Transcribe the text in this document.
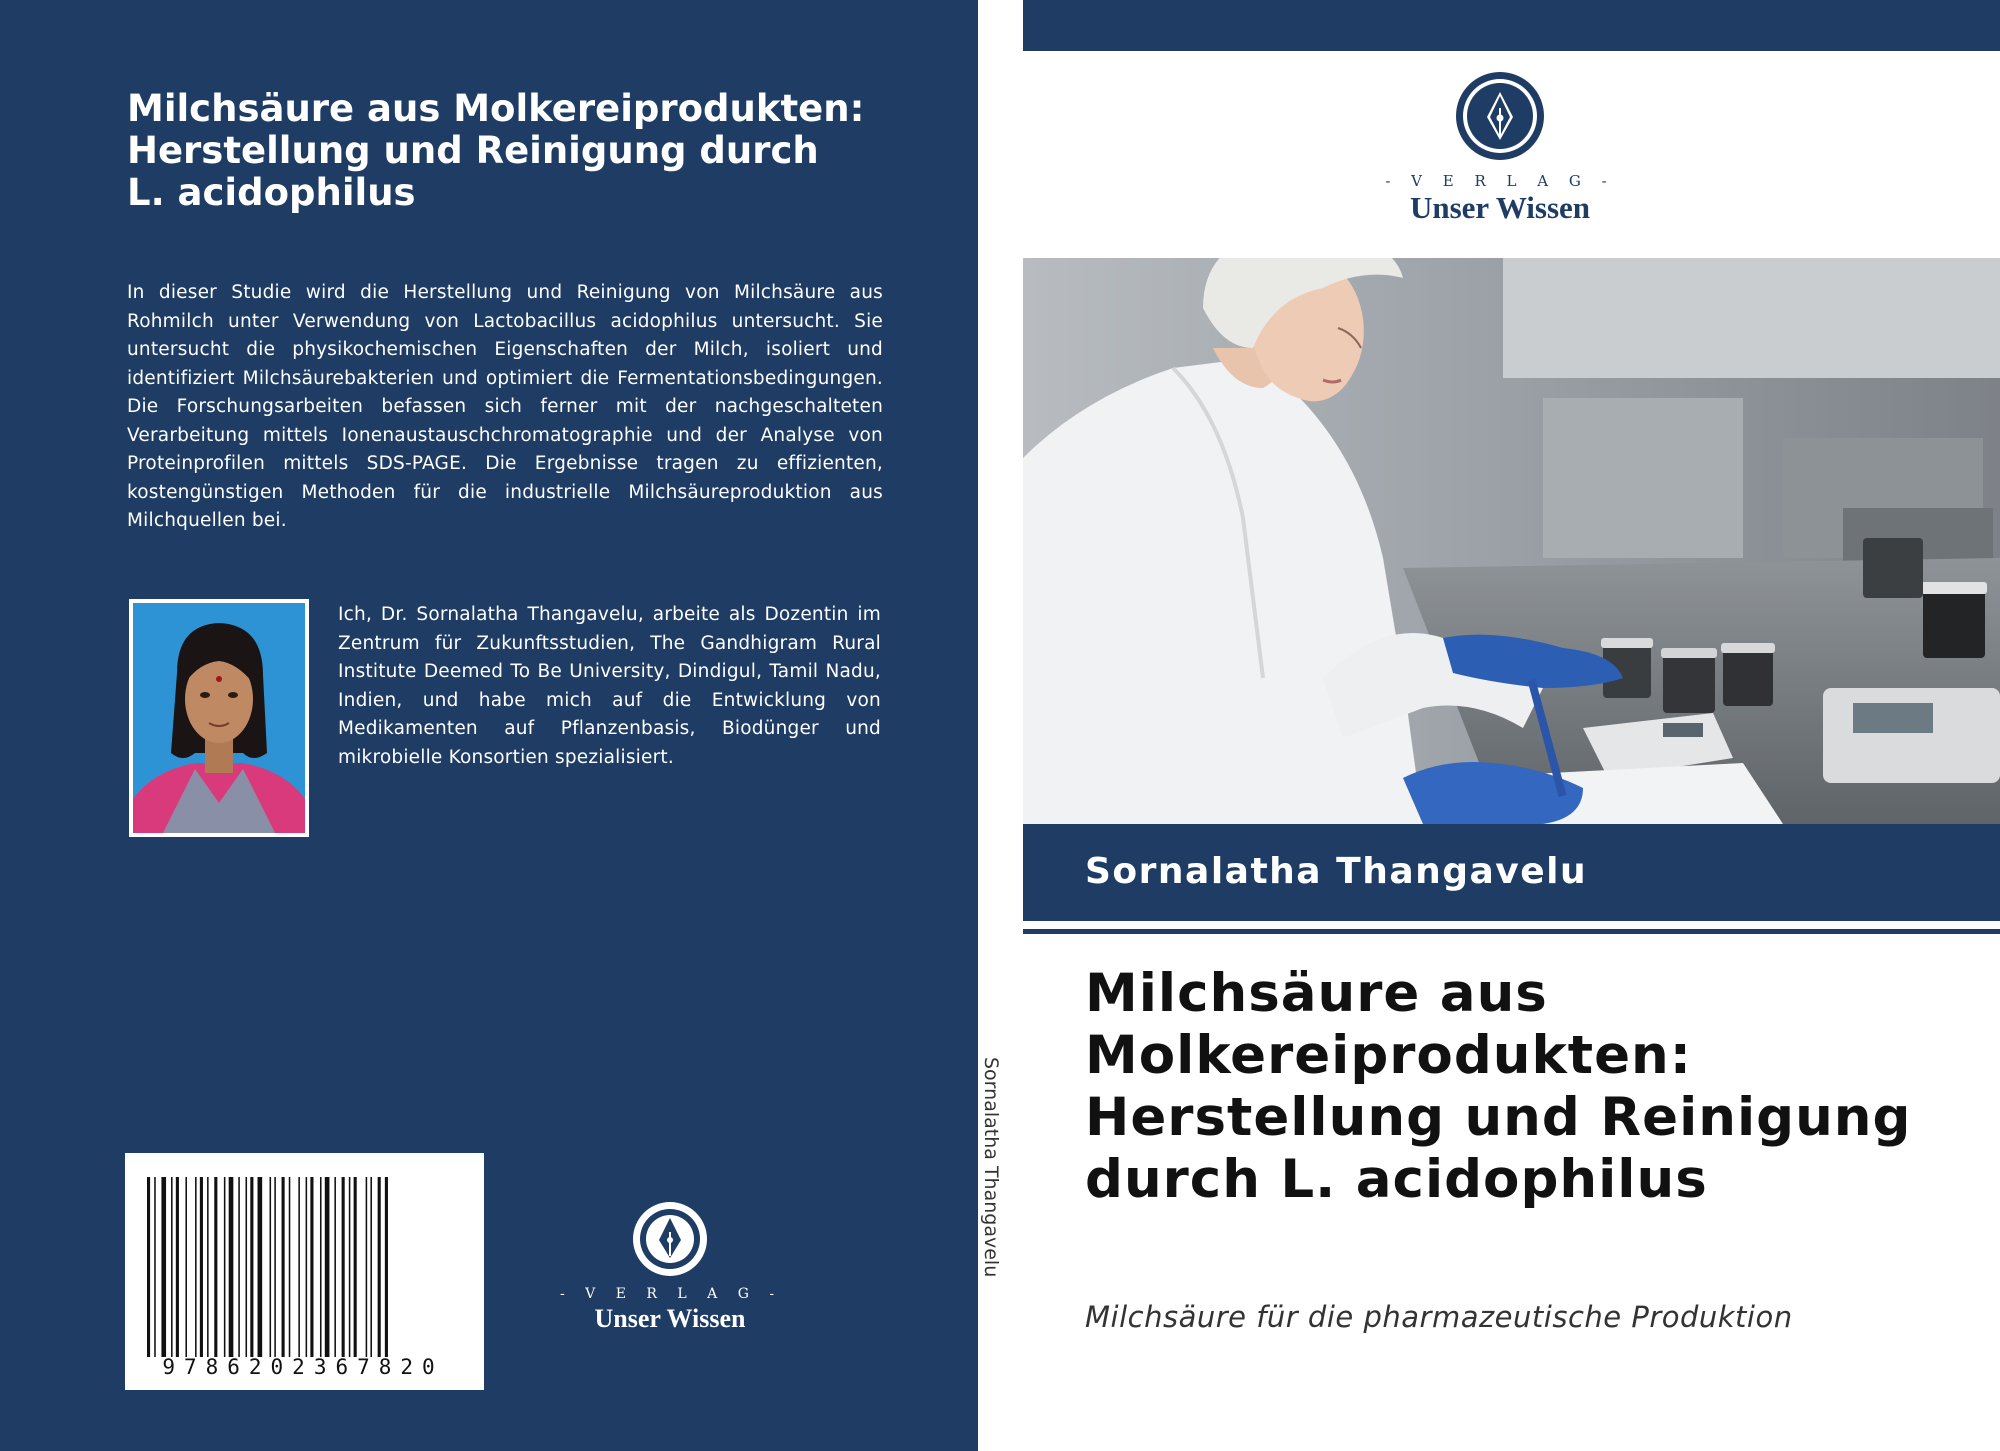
Milchsäure aus Molkereiprodukten: Herstellung und Reinigung durch L. acidophilus

In dieser Studie wird die Herstellung und Reinigung von Milchsäure aus Rohmilch unter Verwendung von Lactobacillus acidophilus untersucht. Sie untersucht die physikochemischen Eigenschaften der Milch, isoliert und identifiziert Milchsäurebakterien und optimiert die Fermentationsbedingungen. Die Forschungsarbeiten befassen sich ferner mit der nachgeschalteten Verarbeitung mittels Ionenaustauschchromatographie und der Analyse von Proteinprofilen mittels SDS-PAGE. Die Ergebnisse tragen zu effizienten, kostengünstigen Methoden für die industrielle Milchsäureproduktion aus Milchquellen bei.

Ich, Dr. Sornalatha Thangavelu, arbeite als Dozentin im Zentrum für Zukunftsstudien, The Gandhigram Rural Institute Deemed To Be University, Dindigul, Tamil Nadu, Indien, und habe mich auf die Entwicklung von Medikamenten auf Pflanzenbasis, Biodünger und mikrobielle Konsortien spezialisiert.

9786202367820
- V E R L A G -
Unser Wissen
Sornalatha Thangavelu
- V E R L A G -
Unser Wissen
Sornalatha Thangavelu
Milchsäure aus Molkereiprodukten: Herstellung und Reinigung durch L. acidophilus
Milchsäure für die pharmazeutische Produktion
